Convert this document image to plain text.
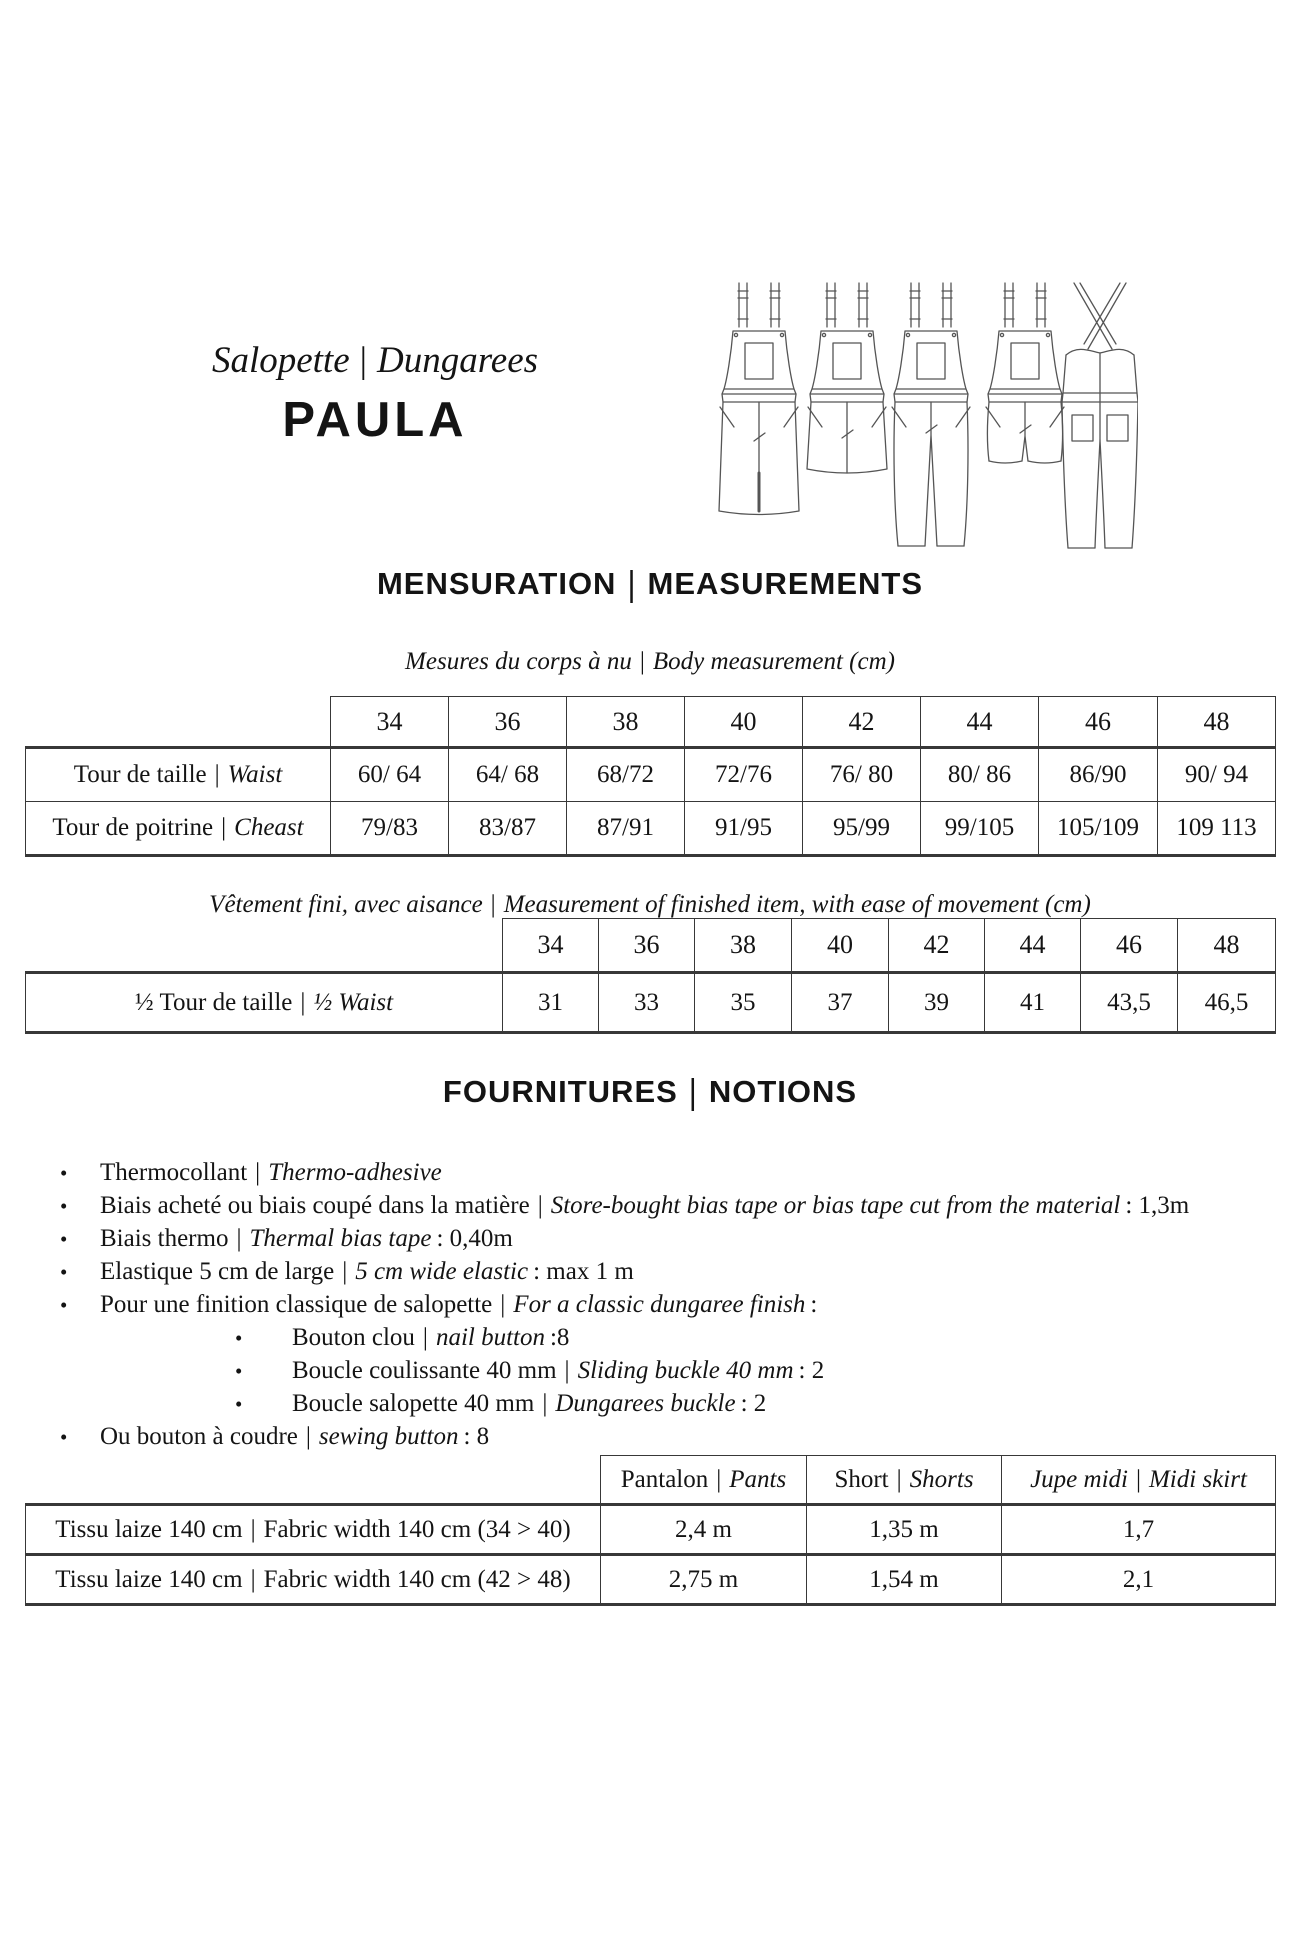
Salopette | Dungarees
PAULA
MENSURATION | MEASUREMENTS
Mesures du corps à nu | Body measurement (cm)
	34	36	38	40	42	44	46	48
Tour de taille | Waist	60/ 64	64/ 68	68/72	72/76	76/ 80	80/ 86	86/90	90/ 94
Tour de poitrine | Cheast	79/83	83/87	87/91	91/95	95/99	99/105	105/109	109 113
Vêtement fini, avec aisance | Measurement of finished item, with ease of movement (cm)
	34	36	38	40	42	44	46	48
½ Tour de taille | ½ Waist	31	33	35	37	39	41	43,5	46,5
FOURNITURES | NOTIONS
•	Thermocollant | Thermo-adhesive
•	Biais acheté ou biais coupé dans la matière | Store-bought bias tape or bias tape cut from the material : 1,3m
•	Biais thermo | Thermal bias tape : 0,40m
•	Elastique 5 cm de large | 5 cm wide elastic : max 1 m
•	Pour une finition classique de salopette | For a classic dungaree finish :
•	Bouton clou | nail button :8
•	Boucle coulissante 40 mm | Sliding buckle 40 mm : 2
•	Boucle salopette 40 mm | Dungarees buckle : 2
•	Ou bouton à coudre | sewing button : 8
	Pantalon | Pants	Short | Shorts	Jupe midi | Midi skirt
Tissu laize 140 cm | Fabric width 140 cm (34 > 40)	2,4 m	1,35 m	1,7
Tissu laize 140 cm | Fabric width 140 cm (42 > 48)	2,75 m	1,54 m	2,1
